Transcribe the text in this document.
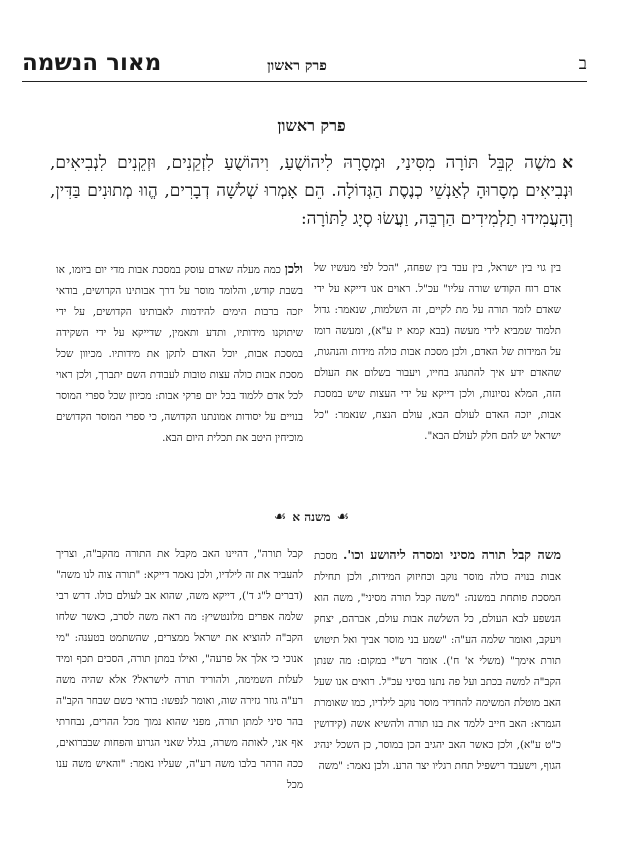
ב
פרק ראשון
מאור הנשמה
פרק ראשון
אמשֶׁה קִבֵּל תּוֹרָה מִסִּינַי, וּמְסָרָהּ לִיהוֹשֻׁעַ, וִיהוֹשֻׁעַ לִזְקֵנִים, וּזְקֵנִים לִנְבִיאִים, וּנְבִיאִים מְסָרוּהָ לְאַנְשֵׁי כְנֶסֶת הַגְּדוֹלָה. הֵם אָמְרוּ שְׁלשָׁה דְבָרִים, הֱווּ מְתוּנִים בַּדִּין, וְהַעֲמִידוּ תַלְמִידִים הַרְבֵּה, וַעֲשׂוּ סְיָג לַתּוֹרָה:
בין גוי בין ישראל, בין עבד בין שפחה, "הכל לפי מעשיו של אדם רוח הקודש שורה עליו" עכ"ל. ראוים אנו דייקא על ידי שאדם לומד תורה על מת לקיים, זה השלמות, שנאמר: גדול תלמוד שמביא לידי מעשה (בבא קמא יז ע"א), ומעשה רומז על המידות של האדם, ולכן מסכת אבות כולה מידות והנהגות, שהאדם ידע איך להתנהג בחייו, ויעבור בשלום את העולם הזה, המלא נסיונות, ולכן דייקא על ידי העצות שיש במסכת אבות, יזכה האדם לעולם הבא, עולם הנצח, שנאמר: "כל ישראל יש להם חלק לעולם הבא".
ולכן כמה מעלה שאדם עוסק במסכת אבות מדי יום ביומו, או בשבת קודש, והלומד מוסר על דרך אבותינו הקדושים, בודאי יזכה ברבות הימים להידמות לאבותינו הקדושים, על ידי שיתוקנו מידותיו, ותדע ותאמין, שדייקא על ידי השקידה במסכת אבות, יוכל האדם לתקן את מידותיו. מכיוון שכל מסכת אבות כולה עצות טובות לעבודת השם יתברך, ולכן ראוי לכל אדם ללמוד בכל יום פרקי אבות: מכיוון שכל ספרי המוסר בנויים על יסודות אמונתנו הקדושה, כי ספרי המוסר הקדושים מוכיחין היטב את תכלית היום הבא.
☙משנה א☙
משה קבל תורה מסיני ומסרה ליהושע וכו'. מסכת אבות בנויה כולה מוסר נוקב וכחיזוק המידות, ולכן תחילת המסכת פותחת במשנה: "משה קבל תורה מסיני", משה הוא הנשפע לבא העולם, כל השלשה אבות עולם, אברהם, יצחק ויעקב, ואומר שלמה הע"ה: "שמע בני מוסר אביך ואל תיטוש תורת אימך" (משלי א' ח'). אומר רש"י במקום: מה שנתן הקב"ה למשה בכתב ועל פה נתנו בסיני עכ"ל. רואים אנו שעל האב מוטלת המשימה להחדיר מוסר נוקב לילדיו, כמו שאומרת הגמרא: האב חייב ללמד את בנו תורה ולהשיא אשה (קידושין כ"ט ע"א), ולכן כאשר האב יהגיב הכן במוסר, כן השכל ינהיג הגוף, וישעבד רישפיל תחת רגליו יצר הרע. ולכן נאמר: "משה
קבל תורה", דהיינו האב מקבל את התורה מהקב"ה, וצריך להעביר את זה לילדיו, ולכן נאמר דייקא: "תורה צוה לנו משה" (דברים ל"ג ד'), דייקא משה, שהוא אב לעולם כולו. דרש רבי שלמה אפרים מלונטשיץ: מה ראה משה לסרב, כאשר שלחו הקב"ה להוציא את ישראל ממצרים, שהשתמט בטענה: "מי אנוכי כי אלך אל פרעה", ואילו במתן תורה, הסכים תכף ומיד לעלות השמימה, ולהוריד תורה לישראל? אלא שהיה משה רע"ה גוזר גזירה שוה, ואומר לנפשו: בודאי כשם שבחר הקב"ה בהר סיני למתן תורה, מפני שהוא נמוך מכל ההרים, נבחרתי אף אני, לאותה משרה, בגלל שאני הגרוע והפחות שבברואים, ככה הרהר בלבו משה רע"ה, שעליו נאמר: "והאיש משה ענו מכל
